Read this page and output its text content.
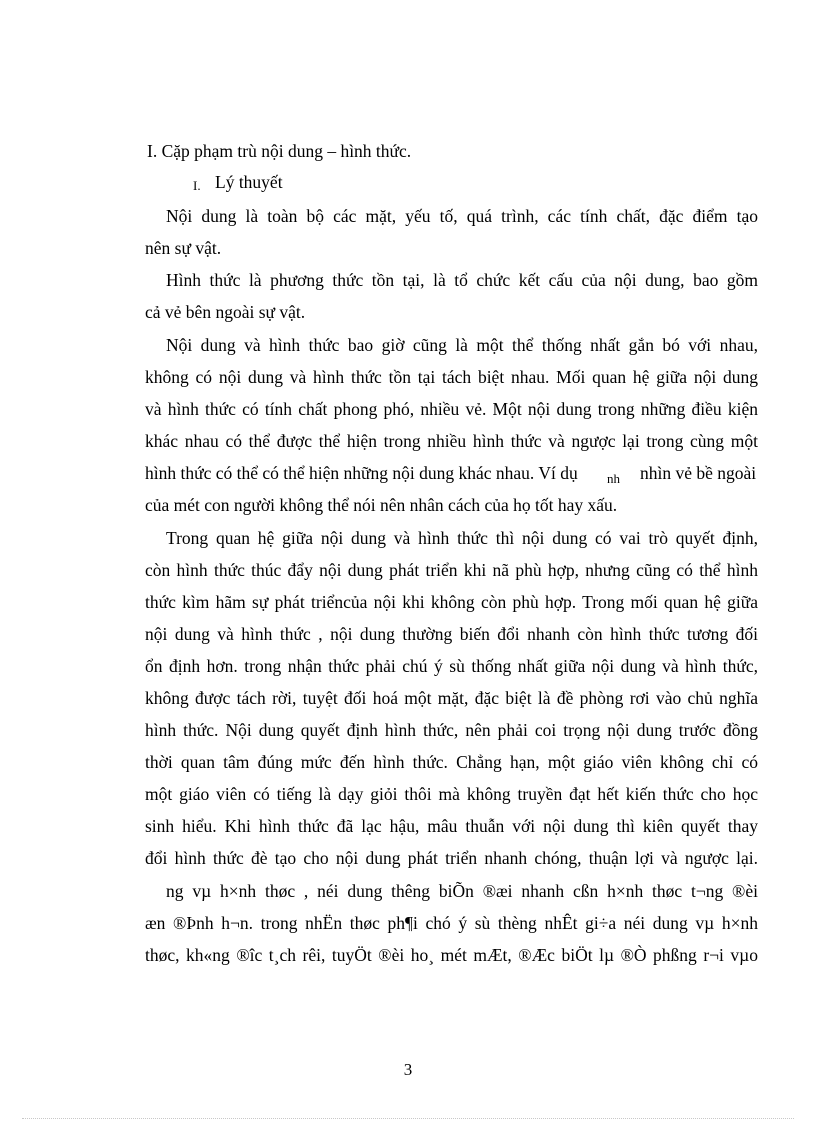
I. Cặp phạm trù nội dung – hình thức.
I. Lý thuyết
Nội dung là toàn bộ các mặt, yếu tố, quá trình, các tính chất, đặc điểm tạo
nên sự vật.
Hình thức là phương thức tồn tại, là tổ chức kết cấu của nội dung, bao gồm
cả vẻ bên ngoài sự vật.
Nội dung và hình thức bao giờ cũng là một thể thống nhất gắn bó với nhau,
không có nội dung và hình thức tồn tại tách biệt nhau. Mối quan hệ giữa nội dung
và hình thức có tính chất phong phó, nhiều vẻ. Một nội dung trong những điều kiện
khác nhau có thể được thể hiện trong nhiều hình thức và ngược lại trong cùng một
hình thức có thể có thể hiện những nội dung khác nhau. Ví dụ nh nhìn vẻ bề ngoài
của mét con người không thể nói nên nhân cách của họ tốt hay xấu.
Trong quan hệ giữa nội dung và hình thức thì nội dung có vai trò quyết định,
còn hình thức thúc đẩy nội dung phát triển khi nã phù hợp, nhưng cũng có thể hình
thức kìm hãm sự phát triểncủa nội khi không còn phù hợp. Trong mối quan hệ giữa
nội dung và hình thức , nội dung thường biến đổi nhanh còn hình thức tương đối
ổn định hơn. trong nhận thức phải chú ý sù thống nhất giữa nội dung và hình thức,
không được tách rời, tuyệt đối hoá một mặt, đặc biệt là đề phòng rơi vào chủ nghĩa
hình thức. Nội dung quyết định hình thức, nên phải coi trọng nội dung trước đồng
thời quan tâm đúng mức đến hình thức. Chẳng hạn, một giáo viên không chỉ có
một giáo viên có tiếng là dạy giỏi thôi mà không truyền đạt hết kiến thức cho học
sinh hiểu. Khi hình thức đã lạc hậu, mâu thuẫn với nội dung thì kiên quyết thay
đổi hình thức đè tạo cho nội dung phát triển nhanh chóng, thuận lợi và ngược lại.
ng vµ h×nh thøc , néi dung thêng biÕn ®æi nhanh cßn h×nh thøc t¬ng ®èi
æn ®Þnh h¬n. trong nhËn thøc ph¶i chó ý sù thèng nhÊt gi÷a néi dung vµ h×nh
thøc, kh«ng ®îc t¸ch rêi, tuyÖt ®èi ho¸ mét mÆt, ®Æc biÖt lµ ®Ò phßng r¬i vµo
3
